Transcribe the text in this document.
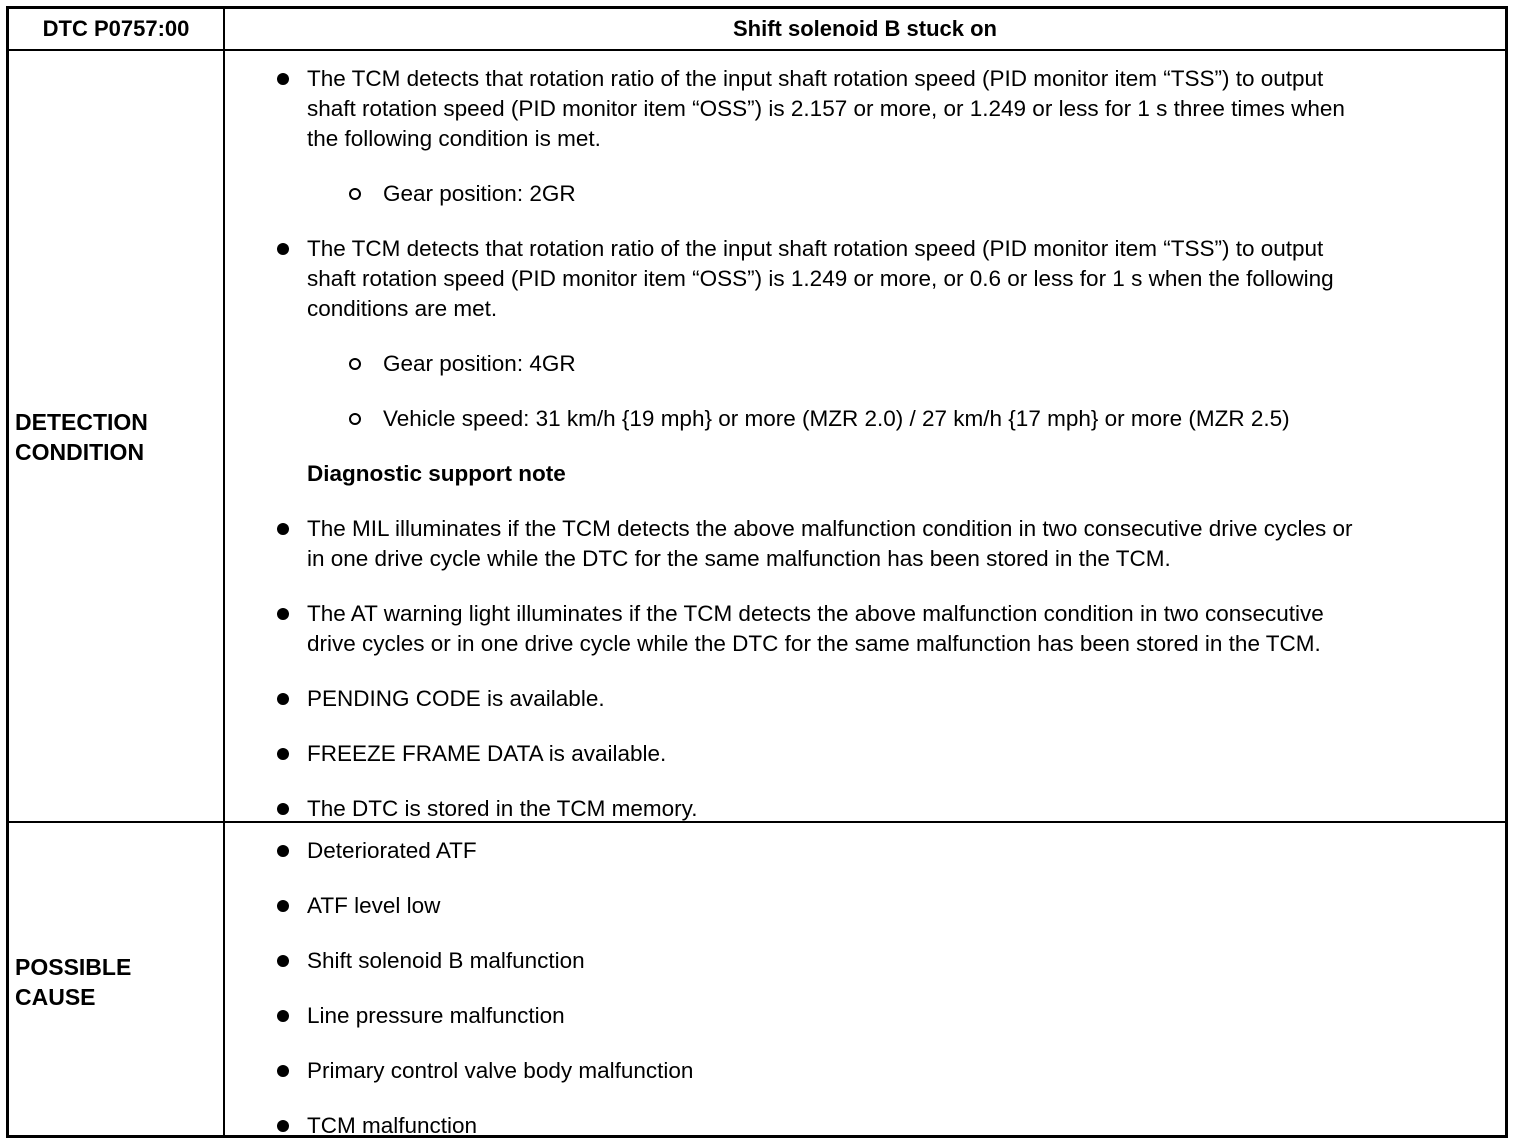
DTC P0757:00	Shift solenoid B stuck on
DETECTION
CONDITION
POSSIBLE
CAUSE
The TCM detects that rotation ratio of the input shaft rotation speed (PID monitor item “TSS”) to output
shaft rotation speed (PID monitor item “OSS”) is 2.157 or more, or 1.249 or less for 1 s three times when
the following condition is met.
Gear position: 2GR
The TCM detects that rotation ratio of the input shaft rotation speed (PID monitor item “TSS”) to output
shaft rotation speed (PID monitor item “OSS”) is 1.249 or more, or 0.6 or less for 1 s when the following
conditions are met.
Gear position: 4GR
Vehicle speed: 31 km/h {19 mph} or more (MZR 2.0) / 27 km/h {17 mph} or more (MZR 2.5)
Diagnostic support note
The MIL illuminates if the TCM detects the above malfunction condition in two consecutive drive cycles or
in one drive cycle while the DTC for the same malfunction has been stored in the TCM.
The AT warning light illuminates if the TCM detects the above malfunction condition in two consecutive
drive cycles or in one drive cycle while the DTC for the same malfunction has been stored in the TCM.
PENDING CODE is available.
FREEZE FRAME DATA is available.
The DTC is stored in the TCM memory.
Deteriorated ATF
ATF level low
Shift solenoid B malfunction
Line pressure malfunction
Primary control valve body malfunction
TCM malfunction
